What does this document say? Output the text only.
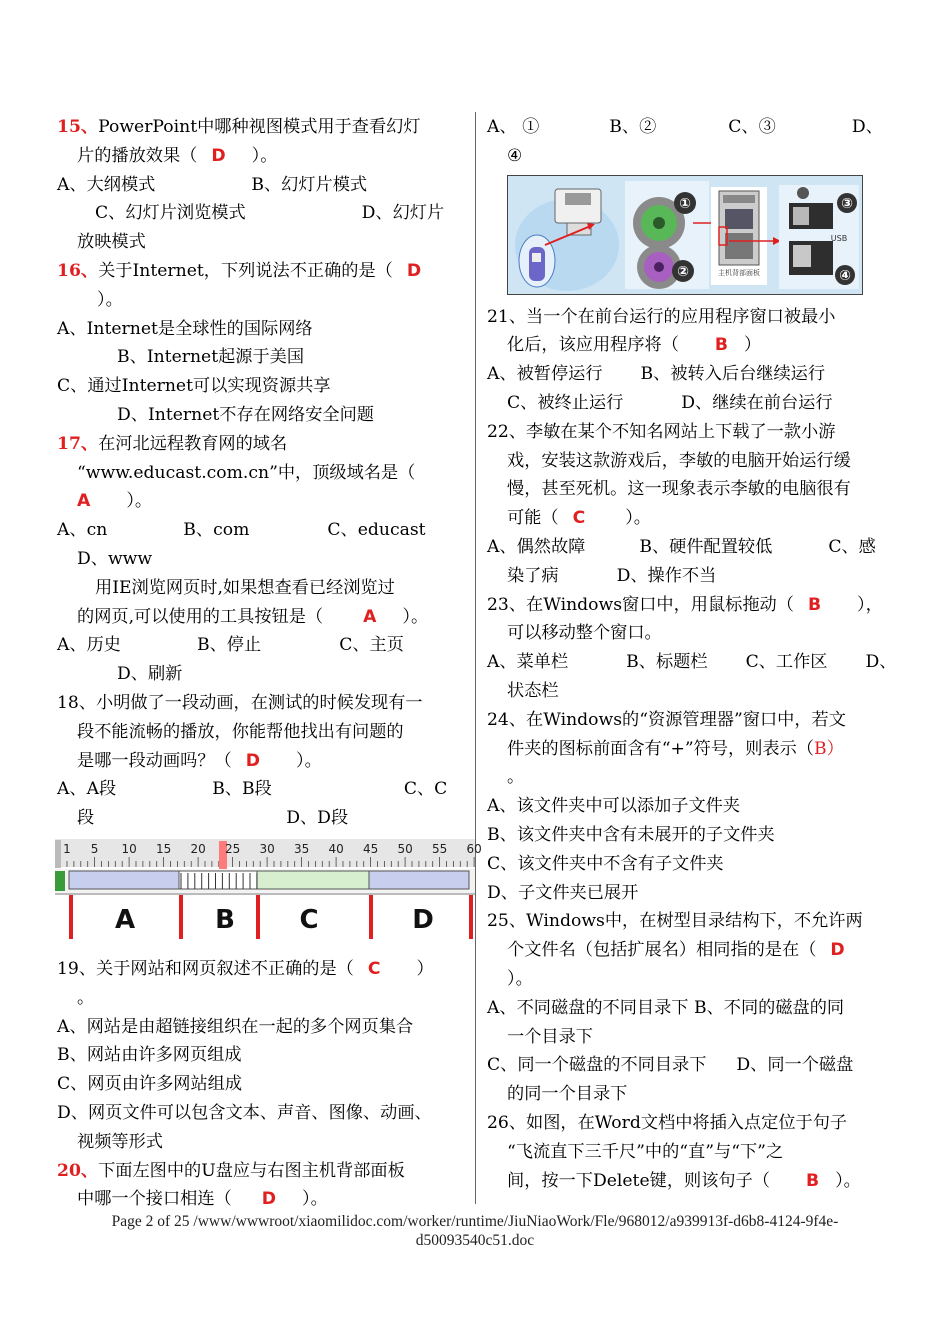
15、PowerPoint中哪种视图模式用于查看幻灯
片的播放效果（ D ）。
A、大纲模式	B、幻灯片模式
C、幻灯片浏览模式	D、幻灯片
放映模式
16、关于Internet，下列说法不正确的是（ D
）。
A、Internet是全球性的国际网络
B、Internet起源于美国
C、通过Internet可以实现资源共享
D、Internet不存在网络安全问题
17、在河北远程教育网的域名
“www.educast.com.cn”中，顶级域名是（
A ）。
A、cn	B、com	C、educast
D、www
用IE浏览网页时,如果想查看已经浏览过
的网页,可以使用的工具按钮是（ A ）。
A、历史	B、停止	C、主页
D、刷新
18、小明做了一段动画，在测试的时候发现有一
段不能流畅的播放，你能帮他找出有问题的
是哪一段动画吗？（ D ）。
A、A段	B、B段	C、C
段	D、D段
A	B C	D
1 5 10 15 20 25 30 35 40 45 50 55 60
19、关于网站和网页叙述不正确的是（ C ）
。
A、网站是由超链接组织在一起的多个网页集合
B、网站由许多网页组成
C、网页由许多网站组成
D、网页文件可以包含文本、声音、图像、动画、
视频等形式
20、下面左图中的U盘应与右图主机背部面板
中哪一个接口相连（ D ）。
A、 ①	B、②	C、③	D、
④
①
②	主机背部面板
③
USB
④
21、当一个在前台运行的应用程序窗口被最小
化后，该应用程序将（ B ）
A、被暂停运行 B、被转入后台继续运行
C、被终止运行	D、继续在前台运行
22、李敏在某个不知名网站上下载了一款小游
戏，安装这款游戏后，李敏的电脑开始运行缓
慢，甚至死机。这一现象表示李敏的电脑很有
可能（ C ）。
A、偶然故障	B、硬件配置较低	C、感
染了病	D、操作不当
23、在Windows窗口中，用鼠标拖动（ B ），
可以移动整个窗口。
A、菜单栏	B、标题栏 C、工作区 D、
状态栏
24、在Windows的“资源管理器”窗口中，若文
件夹的图标前面含有“+”符号，则表示（B）
。
A、该文件夹中可以添加子文件夹
B、该文件夹中含有未展开的子文件夹
C、该文件夹中不含有子文件夹
D、子文件夹已展开
25、Windows中，在树型目录结构下，不允许两
个文件名（包括扩展名）相同指的是在（ D
）。
A、不同磁盘的不同目录下 B、不同的磁盘的同
一个目录下
C、同一个磁盘的不同目录下 D、同一个磁盘
的同一个目录下
26、如图，在Word文档中将插入点定位于句子
“飞流直下三千尺”中的“直”与“下”之
间，按一下Delete键，则该句子（ B ）。
Page 2 of 25 /www/wwwroot/xiaomilidoc.com/worker/runtime/JiuNiaoWork/Fle/968012/a939913f-d6b8-4124-9f4e-
d50093540c51.doc
